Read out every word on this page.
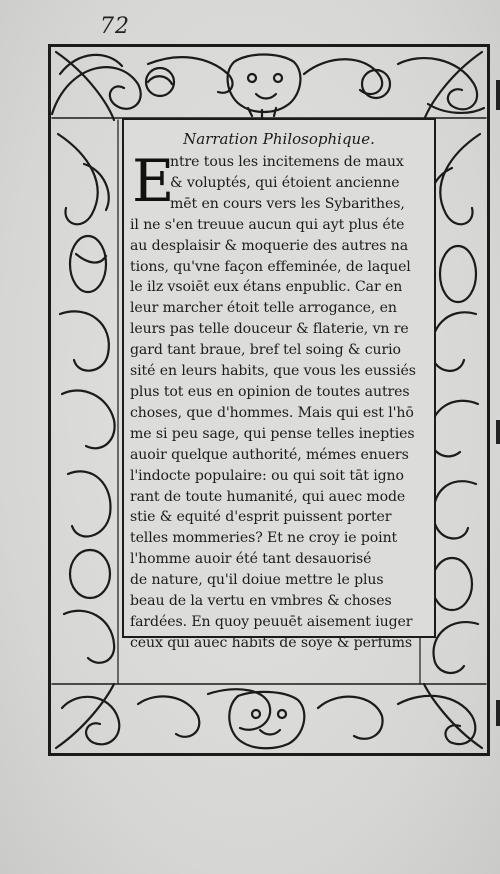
72
Narration Philosophique.
E
ntre tous les incitemens de maux
& voluptés, qui étoient ancienne
mēt en cours vers les Sybarithes,
il ne s'en treuue aucun qui ayt plus éte
au desplaisir & moquerie des autres na
tions, qu'vne façon effeminée, de laquel
le ilz vsoiēt eux étans enpublic. Car en
leur marcher étoit telle arrogance, en
leurs pas telle douceur & flaterie, vn re
gard tant braue, bref tel soing & curio
sité en leurs habits, que vous les eussiés
plus tot eus en opinion de toutes autres
choses, que d'hommes. Mais qui est l'hō
me si peu sage, qui pense telles inepties
auoir quelque authorité, mémes enuers
l'indocte populaire: ou qui soit tāt igno
rant de toute humanité, qui auec mode
stie & equité d'esprit puissent porter
telles mommeries? Et ne croy ie point
l'homme auoir été tant desauorisé
de nature, qu'il doiue mettre le plus
beau de la vertu en vmbres & choses
fardées. En quoy peuuēt aisement iuger
ceux qui auec habits de soye & perfums
